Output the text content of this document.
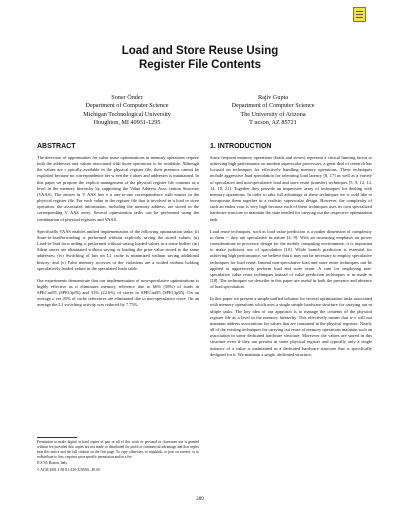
Load and Store Reuse Using
Register File Contents
Soner Önder
Department of Computer Science
Michigan Technological University
Houghton, MI 49931-1295
Rajiv Gupta
Department of Computer Science
The University of Arizona
T ucson, AZ 85721
ABSTRACT	1. INTRODUCTION

The detection of opportunities for value reuse optimizations in memory operations require both the addresses and values associated with those operations to be available. Although the values are t ypically available in the physical register file, their presence cannot be exploited because no correspondence bet w een the v alues and addresses is maintained. In this paper we propose the explicit management of the physical register file contents as a level in the memory hierarchy by supporting the Value Address Asso ciation Structure (VAAS). The entries in V AAS hav e a one-to-one correspondence with entries in the physical register file. For each value in the register file that is involved in a load or store operation, the associated information, including the memory address, are stored in the corresponding V AAS entry. Several optimization tasks can be performed using the combination of physical registers and VAAS.

Specifically VAAS enables unified implementation of the following optimization tasks: (i) Store-to-loadforwarding is performed without explicitly saving the stored values; (ii) Load-to-load forw arding is performed without saving loaded values in a reuse buffer; (iii) Silent stores are eliminated without saving or loading the prior value stored to the same addresses; (iv) Switching of bits on L1 cache is minimized without saving additional history; and (v) False memory accesses or der violations are a voided without holding speculatively loaded values in the speculated loads table.

Our experiments demonstrate that our implementation of non-speculative optimizations is highly effective as it eliminates memory reference due to 66% (58%) of loads in SPECint95 (SPECfp95) and 31% (22.6%) of stores in SPECint95 (SPECfp95). On an average o ver 45% of cache references are eliminated due to non-speculative reuse. On an average the L1 switching activity was reduced by 7.75%.

Since frequent memory operations (loads and stores) represent a critical limiting factor to achieving high performance on modern superscalar processors, a great deal of research has focused on techniques for effectively handling memory operations. These techniques include aggressive load speculation for tolerating load latency [8, 17] as well as a variety of speculative and non-speculative load and store reuse (transfer) techniques [5, 9, 12, 13, 14, 18, 21]. Together they provide an impressive array of techniques for dealing with memory operations. In order to take full advantage of these techniques we w ould like to incorporate them together in a realistic superscalar design. However, the complexity of such an endea vour is very high because each of these techniques uses its own specialized hardware structure to maintain the state needed for carrying out the respective optimization task.

Load reuse techniques, such as load value prediction is a nother dimension of complexity to them -- they are speculative in nature [4, 9]. With an increasing emphasis on power considerations in processor design for the mobile computing environment, it is important to make judicious use of speculation [10]. While branch prediction is essential for achieving high performance, we believe that it may not be necessary to employ speculative techniques for load reuse. Instead non-speculative load and store reuse techniques can be applied to aggressively perform load and store reuse. A case for employing non-speculative value reuse techniques instead of value prediction techniques w as made in [18]. The techniques we describe in this paper are useful in both the presence and absence of load speculation.

In this paper we present a simple unified solution for several optimization tasks associated with memory operations which uses a single simple hardware structure for carrying out m ultiple tasks. The key idea of our approach is to manage the contents of the physical register file as a level in the memory hierarchy. This effectively means that w e will not maintain address associations for values that are contained in the physical registers. Nearly all of the existing techniques for carrying out reuse of memory operations maintain such an association in some dedicated hardware structure. Moreover the values are stored in this structure even if they are present in some physical register and typically only a single instance of a value is maintained in a dedicated hardware structure that is specifically designed for it. We maintain a single, dedicated structure,

Permission to make digital or hard copies of part or all of this work or personal or classroom use is granted without fee provided that copies are not made or distributed for profit or commercial advantage and that copies bear this notice and the full citation on the first page. To copy otherwise, to republish, to post on servers, or to redistribute to lists, requires prior specific permission and/or a fee.

ICS '05 Boston, Italy

© ACM 2001 1-58113-410-X/05/06...$5.00

289
